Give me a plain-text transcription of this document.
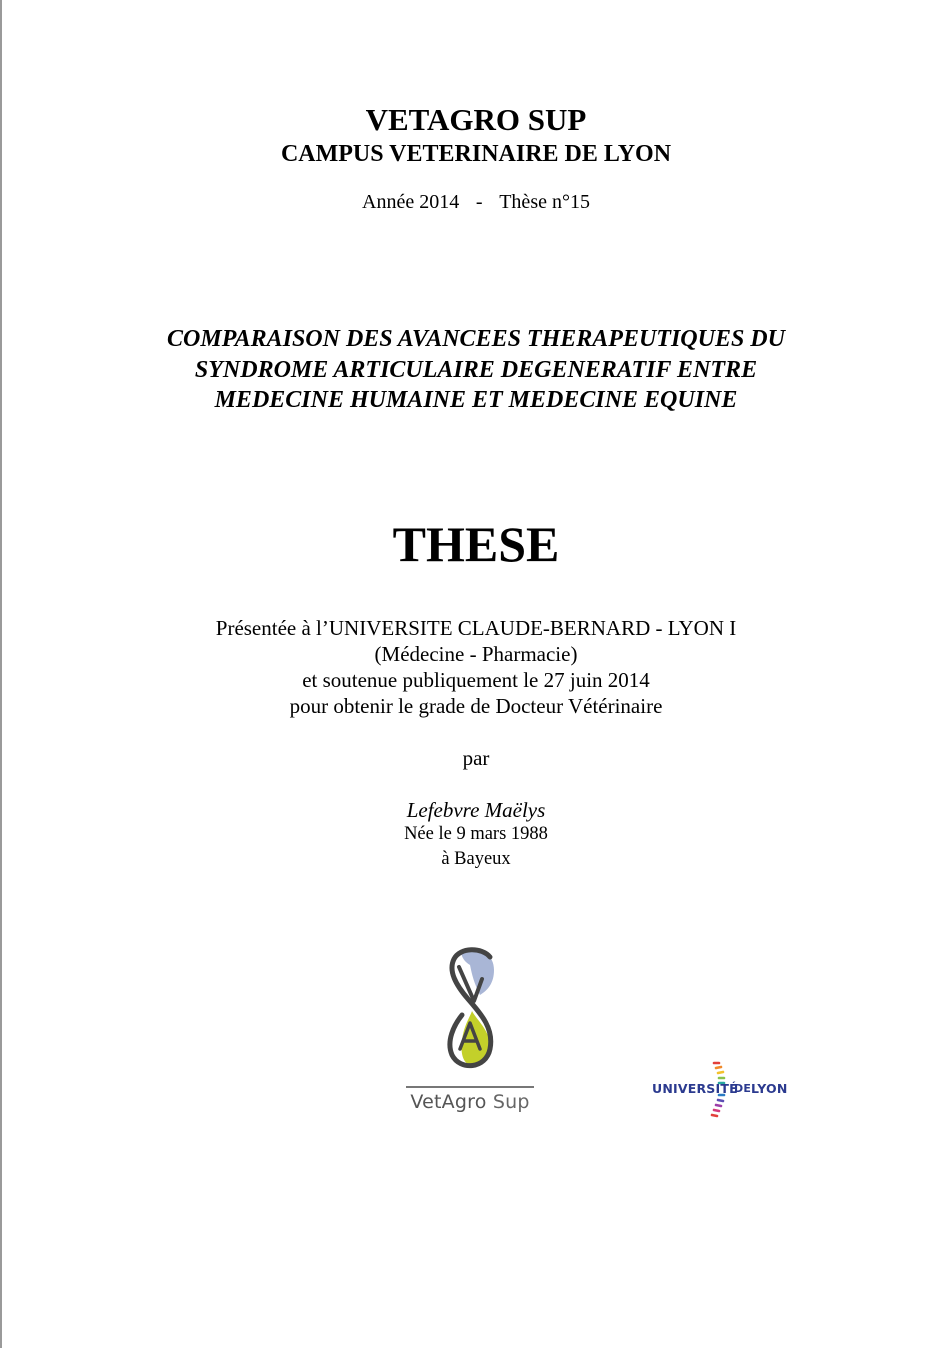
VETAGRO SUP
CAMPUS VETERINAIRE DE LYON
Année 2014 - Thèse n°15
COMPARAISON DES AVANCEES THERAPEUTIQUES DU
SYNDROME ARTICULAIRE DEGENERATIF ENTRE
MEDECINE HUMAINE ET MEDECINE EQUINE
THESE
Présentée à l’UNIVERSITE CLAUDE-BERNARD - LYON I
(Médecine - Pharmacie)
et soutenue publiquement le 27 juin 2014
pour obtenir le grade de Docteur Vétérinaire
par
Lefebvre Maëlys
Née le 9 mars 1988
à Bayeux
VetAgro Sup
UNIVERSITÉ
DE LYON
